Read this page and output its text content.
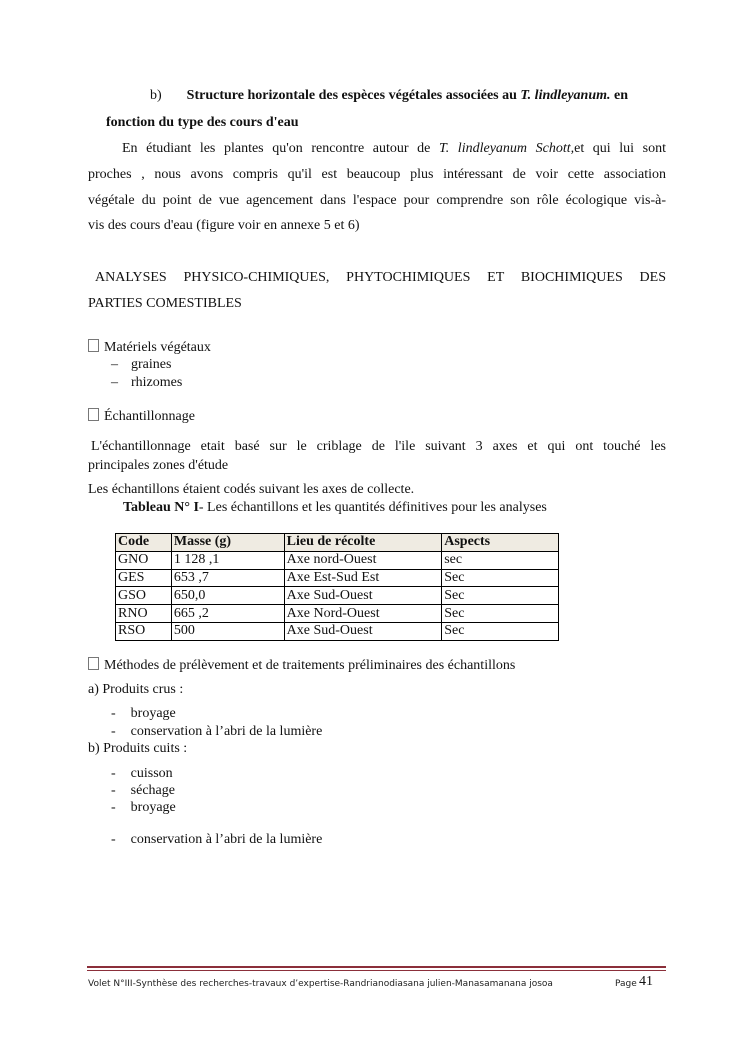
b) Structure horizontale des espèces végétales associées au T. lindleyanum. en
fonction du type des cours d'eau
En étudiant les plantes qu'on rencontre autour de T. lindleyanum Schott,et qui lui sont
proches , nous avons compris qu'il est beaucoup plus intéressant de voir cette association
végétale du point de vue agencement dans l'espace pour comprendre son rôle écologique vis-à-
vis des cours d'eau (figure voir en annexe 5 et 6)
ANALYSES PHYSICO-CHIMIQUES, PHYTOCHIMIQUES ET BIOCHIMIQUES DES
PARTIES COMESTIBLES
Matériels végétaux
– graines
– rhizomes
Échantillonnage
L'échantillonnage etait basé sur le criblage de l'ile suivant 3 axes et qui ont touché les
principales zones d'étude
Les échantillons étaient codés suivant les axes de collecte.
Tableau N° I- Les échantillons et les quantités définitives pour les analyses
Code	Masse (g)	Lieu de récolte	Aspects
GNO	1 128 ,1	Axe nord-Ouest	sec
GES	653 ,7	Axe Est-Sud Est	Sec
GSO	650,0	Axe Sud-Ouest	Sec
RNO	665 ,2	Axe Nord-Ouest	Sec
RSO	500	Axe Sud-Ouest	Sec
Méthodes de prélèvement et de traitements préliminaires des échantillons
a) Produits crus :
- broyage
- conservation à l’abri de la lumière
b) Produits cuits :
- cuisson
- séchage
- broyage
- conservation à l’abri de la lumière
Volet N°III-Synthèse des recherches-travaux d’expertise-Randrianodiasana julien-Manasamanana josoa	Page 41
